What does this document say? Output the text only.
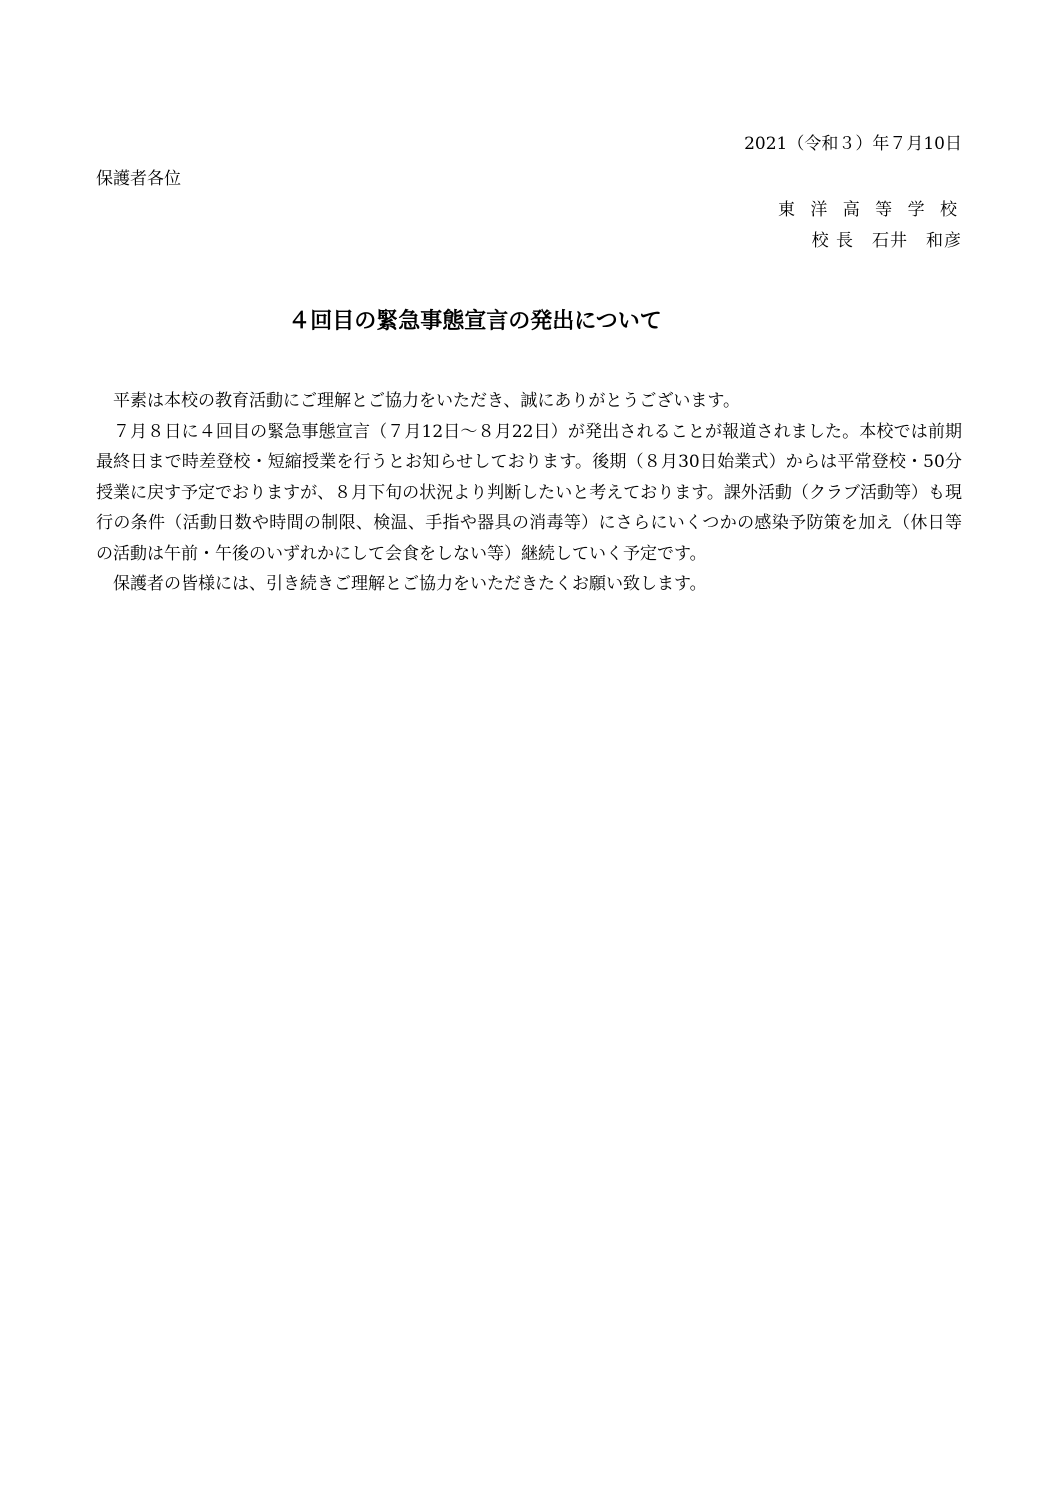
2021（令和３）年７月10日
保護者各位
東 洋 高 等 学 校
校 長　石井　和彦
４回目の緊急事態宣言の発出について

平素は本校の教育活動にご理解とご協力をいただき、誠にありがとうございます。

７月８日に４回目の緊急事態宣言（７月12日～８月22日）が発出されることが報道されました。本校では前期最終日まで時差登校・短縮授業を行うとお知らせしております。後期（８月30日始業式）からは平常登校・50分授業に戻す予定でおりますが、８月下旬の状況より判断したいと考えております。課外活動（クラブ活動等）も現行の条件（活動日数や時間の制限、検温、手指や器具の消毒等）にさらにいくつかの感染予防策を加え（休日等の活動は午前・午後のいずれかにして会食をしない等）継続していく予定です。

保護者の皆様には、引き続きご理解とご協力をいただきたくお願い致します。
